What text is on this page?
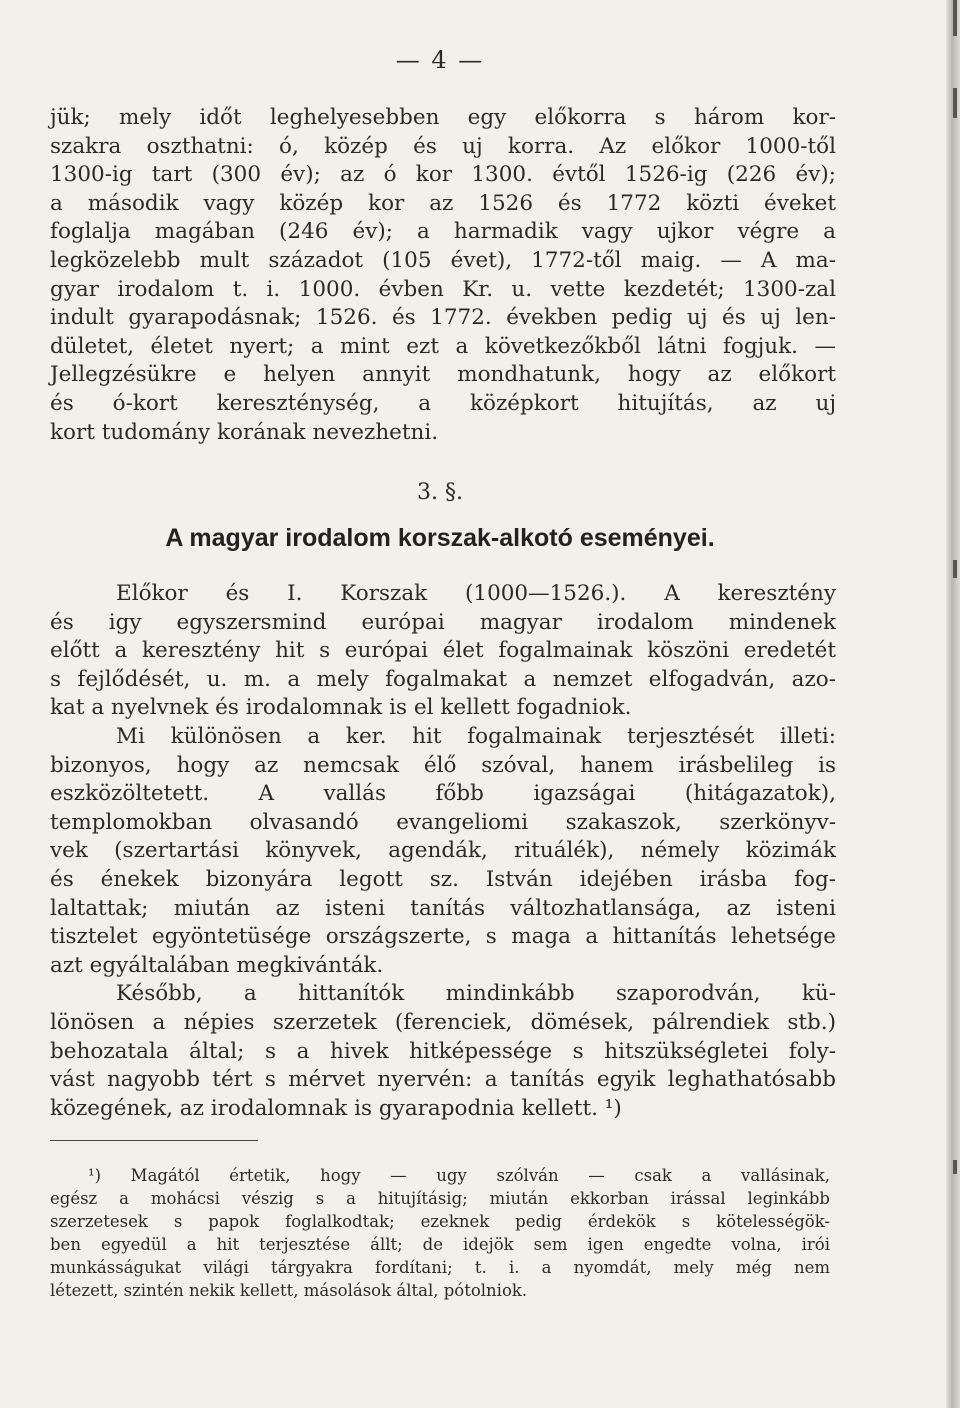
— 4 —
jük; mely időt leghelyesebben egy előkorra s három kor-
szakra oszthatni: ó, közép és uj korra. Az előkor 1000-től
1300-ig tart (300 év); az ó kor 1300. évtől 1526-ig (226 év);
a második vagy közép kor az 1526 és 1772 közti éveket
foglalja magában (246 év); a harmadik vagy ujkor végre a
legközelebb mult századot (105 évet), 1772-től maig. — A ma-
gyar irodalom t. i. 1000. évben Kr. u. vette kezdetét; 1300-zal
indult gyarapodásnak; 1526. és 1772. években pedig uj és uj len-
dületet, életet nyert; a mint ezt a következőkből látni fogjuk. —
Jellegzésükre e helyen annyit mondhatunk, hogy az előkort
és ó-kort kereszténység, a középkort hitujítás, az uj
kort tudomány korának nevezhetni.
3. §.
A magyar irodalom korszak-alkotó eseményei.
Előkor és I. Korszak (1000—1526.). A keresztény
és igy egyszersmind európai magyar irodalom mindenek
előtt a keresztény hit s európai élet fogalmainak köszöni eredetét
s fejlődését, u. m. a mely fogalmakat a nemzet elfogadván, azo-
kat a nyelvnek és irodalomnak is el kellett fogadniok.
Mi különösen a ker. hit fogalmainak terjesztését illeti:
bizonyos, hogy az nemcsak élő szóval, hanem irásbelileg is
eszközöltetett. A vallás főbb igazságai (hitágazatok),
templomokban olvasandó evangeliomi szakaszok, szerkönyv-
vek (szertartási könyvek, agendák, rituálék), némely közimák
és énekek bizonyára legott sz. István idejében irásba fog-
laltattak; miután az isteni tanítás változhatlansága, az isteni
tisztelet egyöntetüsége országszerte, s maga a hittanítás lehetsége
azt egyáltalában megkivánták.
Később, a hittanítók mindinkább szaporodván, kü-
lönösen a népies szerzetek (ferenciek, dömések, pálrendiek stb.)
behozatala által; s a hivek hitképessége s hitszükségletei foly-
vást nagyobb tért s mérvet nyervén: a tanítás egyik leghathatósabb
közegének, az irodalomnak is gyarapodnia kellett. ¹)
¹) Magától értetik, hogy — ugy szólván — csak a vallásinak,
egész a mohácsi vészig s a hitujításig; miután ekkorban irással leginkább
szerzetesek s papok foglalkodtak; ezeknek pedig érdekök s kötelességök-
ben egyedül a hit terjesztése állt; de idejök sem igen engedte volna, irói
munkásságukat világi tárgyakra fordítani; t. i. a nyomdát, mely még nem
létezett, szintén nekik kellett, másolások által, pótolniok.
